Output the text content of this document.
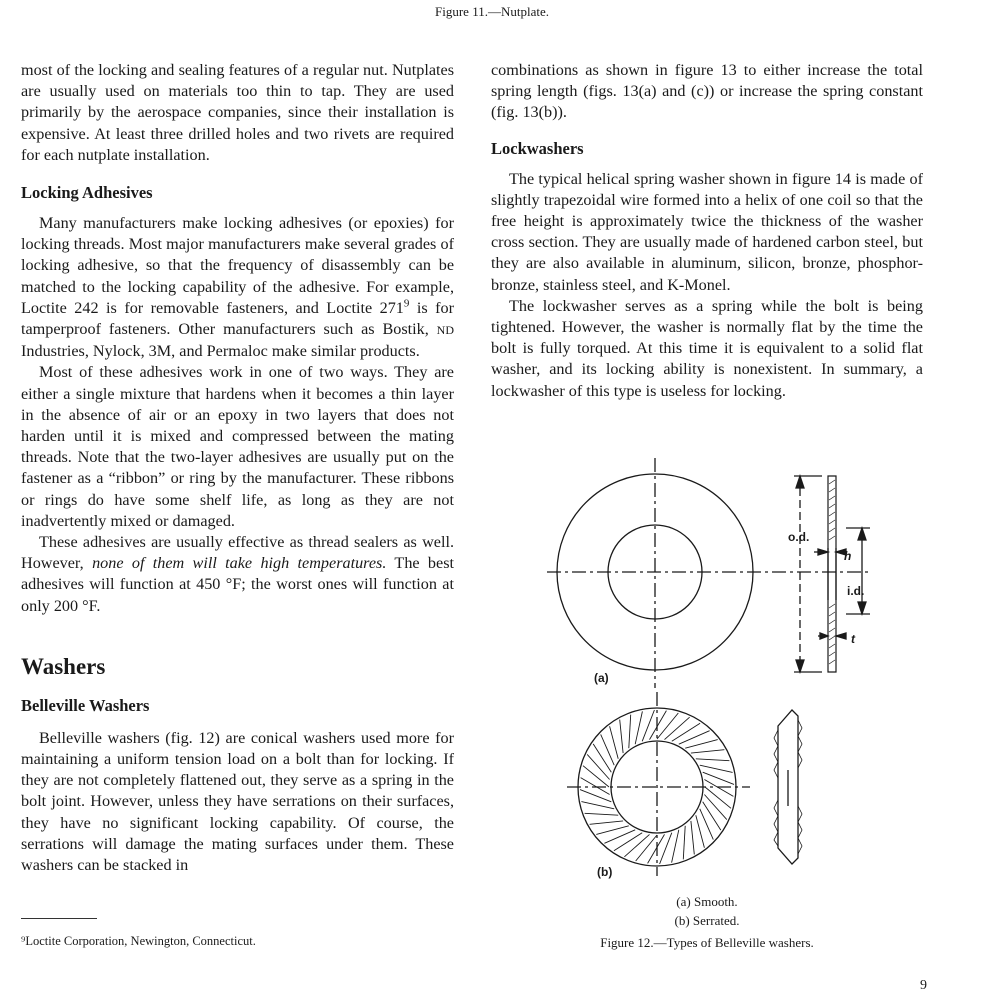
Figure 11.—Nutplate.

most of the locking and sealing features of a regular nut. Nutplates are usually used on materials too thin to tap. They are used primarily by the aerospace companies, since their installation is expensive. At least three drilled holes and two rivets are required for each nutplate installation.

Locking Adhesives

Many manufacturers make locking adhesives (or epoxies) for locking threads. Most major manufacturers make several grades of locking adhesive, so that the frequency of disassembly can be matched to the locking capability of the adhesive. For example, Loctite 242 is for removable fasteners, and Loctite $271^9$ is for tamperproof fasteners. Other manufacturers such as Bostik, ND Industries, Nylock, 3M, and Permaloc make similar products.

Most of these adhesives work in one of two ways. They are either a single mixture that hardens when it becomes a thin layer in the absence of air or an epoxy in two layers that does not harden until it is mixed and compressed between the mating threads. Note that the two-layer adhesives are usually put on the fastener as a “ribbon” or ring by the manufacturer. These ribbons or rings do have some shelf life, as long as they are not inadvertently mixed or damaged.

These adhesives are usually effective as thread sealers as well. However, none of them will take high temperatures. The best adhesives will function at 450 °F; the worst ones will function at only 200 °F.

Washers
Belleville Washers

Belleville washers (fig. 12) are conical washers used more for maintaining a uniform tension load on a bolt than for locking. If they are not completely flattened out, they serve as a spring in the bolt joint. However, unless they have serrations on their surfaces, they have no significant locking capability. Of course, the serrations will damage the mating surfaces under them. These washers can be stacked in

⁹Loctite Corporation, Newington, Connecticut.

combinations as shown in figure 13 to either increase the total spring length (figs. 13(a) and (c)) or increase the spring constant (fig. 13(b)).

Lockwashers

The typical helical spring washer shown in figure 14 is made of slightly trapezoidal wire formed into a helix of one coil so that the free height is approximately twice the thickness of the washer cross section. They are usually made of hardened carbon steel, but they are also available in aluminum, silicon, bronze, phosphor-bronze, stainless steel, and K-Monel.

The lockwasher serves as a spring while the bolt is being tightened. However, the washer is normally flat by the time the bolt is fully torqued. At this time it is equivalent to a solid flat washer, and its locking ability is nonexistent. In summary, a lockwasher of this type is useless for locking.

(a)
(b)
o.d.
i.d.
h
t
(a) Smooth.
(b) Serrated.
Figure 12.—Types of Belleville washers.
9
